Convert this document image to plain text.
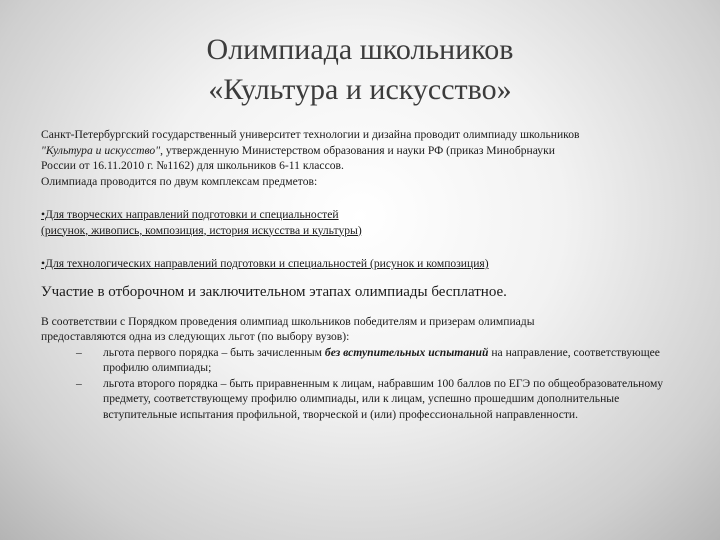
Олимпиада школьников
«Культура и искусство»

Санкт-Петербургский государственный университет технологии и дизайна проводит олимпиаду школьников
"Культура и искусство", утвержденную Министерством образования и науки РФ (приказ Минобрнауки
России от 16.11.2010 г. №1162) для школьников 6-11 классов.
Олимпиада проводится по двум комплексам предметов:

•Для творческих направлений подготовки и специальностей
(рисунок, живопись, композиция, история искусства и культуры)

•Для технологических направлений подготовки и специальностей (рисунок и композиция)

Участие в отборочном и заключительном этапах олимпиады бесплатное.

В соответствии с Порядком проведения олимпиад школьников победителям и призерам олимпиады
предоставляются одна из следующих льгот (по выбору вузов):

– льгота первого порядка – быть зачисленным без вступительных испытаний на направление, соответствующее профилю олимпиады;
– льгота второго порядка – быть приравненным к лицам, набравшим 100 баллов по ЕГЭ по общеобразовательному предмету, соответствующему профилю олимпиады, или к лицам, успешно прошедшим дополнительные вступительные испытания профильной, творческой и (или) профессиональной направленности.
